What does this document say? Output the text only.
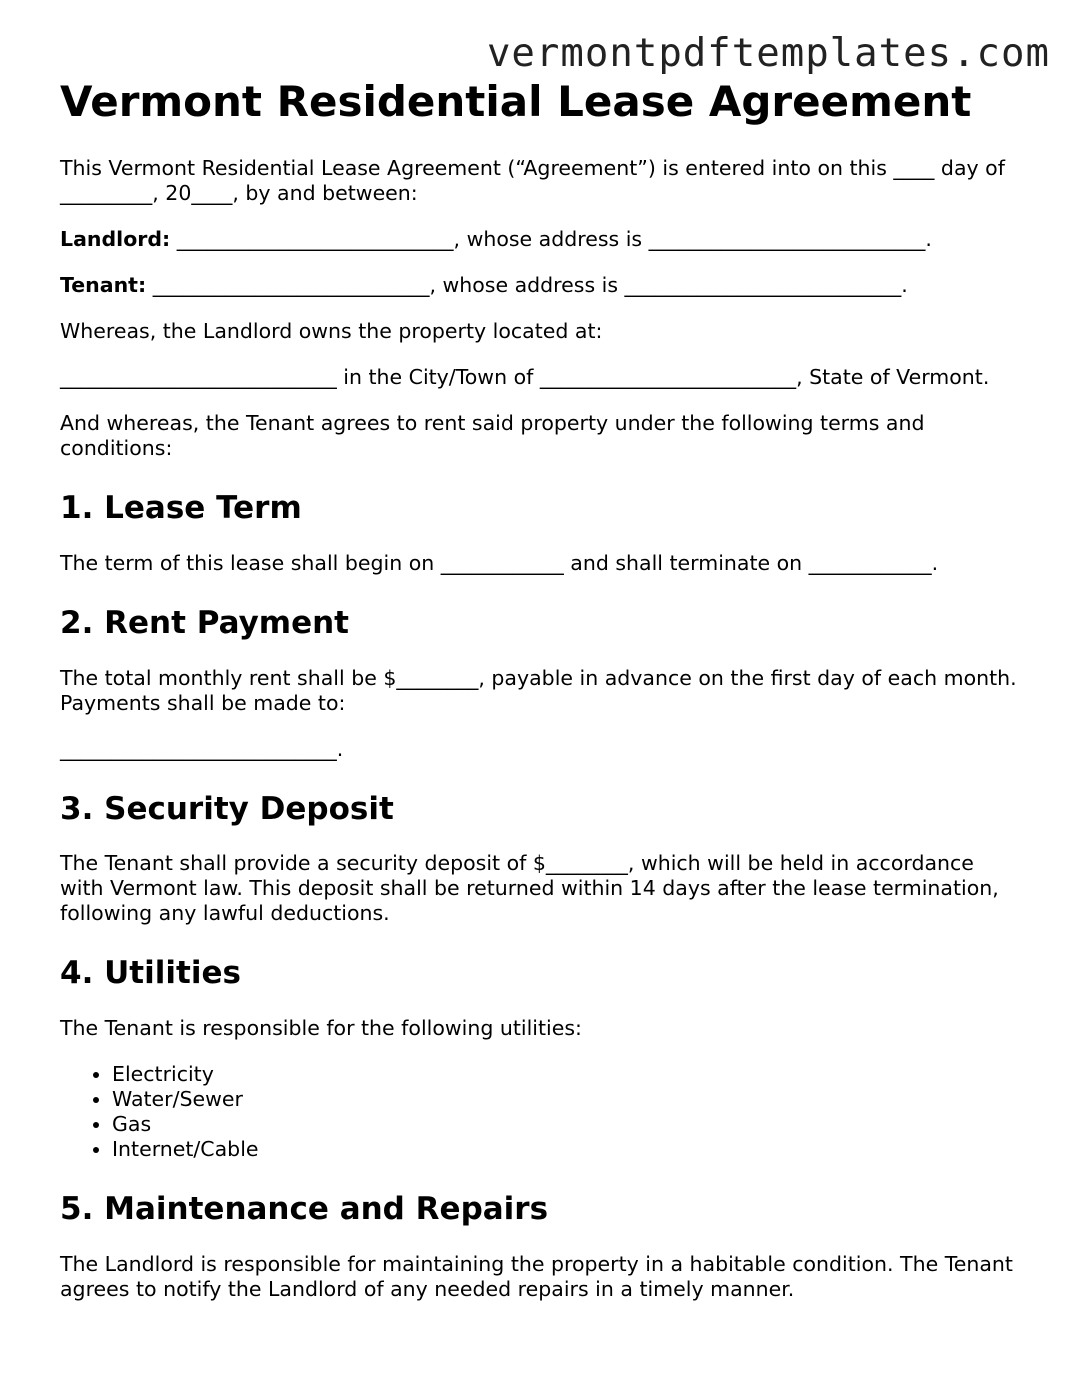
vermontpdftemplates.com
Vermont Residential Lease Agreement

This Vermont Residential Lease Agreement (“Agreement”) is entered into on this ____ day of _________, 20____, by and between:

Landlord: ___________________________, whose address is ___________________________.

Tenant: ___________________________, whose address is ___________________________.

Whereas, the Landlord owns the property located at:

___________________________ in the City/Town of _________________________, State of Vermont.

And whereas, the Tenant agrees to rent said property under the following terms and conditions:

1. Lease Term

The term of this lease shall begin on ____________ and shall terminate on ____________.

2. Rent Payment

The total monthly rent shall be $________, payable in advance on the first day of each month. Payments shall be made to:

___________________________.

3. Security Deposit

The Tenant shall provide a security deposit of $________, which will be held in accordance with Vermont law. This deposit shall be returned within 14 days after the lease termination, following any lawful deductions.

4. Utilities

The Tenant is responsible for the following utilities:

• Electricity
• Water/Sewer
• Gas
• Internet/Cable
5. Maintenance and Repairs

The Landlord is responsible for maintaining the property in a habitable condition. The Tenant agrees to notify the Landlord of any needed repairs in a timely manner.
